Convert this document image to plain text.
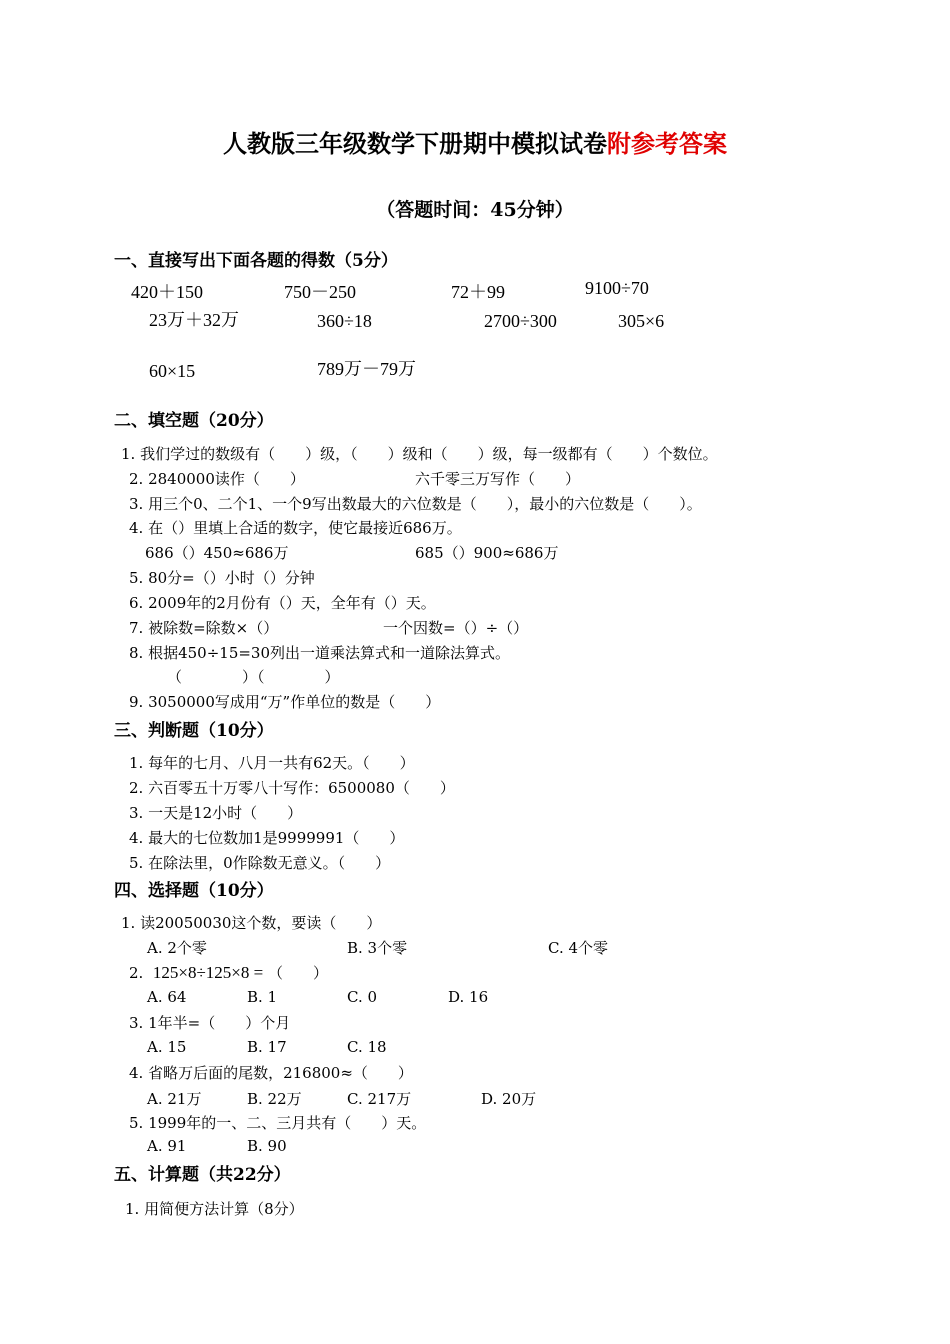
人教版三年级数学下册期中模拟试卷附参考答案
（答题时间：45分钟）
一、直接写出下面各题的得数（5分）
420＋150	750－250	72＋99	9100÷70
23万＋32万	360÷18	2700÷300	305×6
60×15	789万－79万
二、填空题（20分）
1. 我们学过的数级有（　　）级，（　　）级和（　　）级，每一级都有（　　）个数位。
2. 2840000读作（　　）	六千零三万写作（　　）
3. 用三个0、二个1、一个9写出数最大的六位数是（　　），最小的六位数是（　　）。
4. 在（）里填上合适的数字，使它最接近686万。
686（）450≈686万	685（）900≈686万
5. 80分=（）小时（）分钟
6. 2009年的2月份有（）天，全年有（）天。
7. 被除数=除数×（）	一个因数=（）÷（）
8. 根据450÷15=30列出一道乘法算式和一道除法算式。
（　　　　）（　　　　）
9. 3050000写成用“万”作单位的数是（　　）
三、判断题（10分）
1. 每年的七月、八月一共有62天。（　　）
2. 六百零五十万零八十写作：6500080（　　）
3. 一天是12小时（　　）
4. 最大的七位数加1是9999991（　　）
5. 在除法里，0作除数无意义。（　　）
四、选择题（10分）
1. 读20050030这个数，要读（　　）
A. 2个零	B. 3个零	C. 4个零
2. 125×8÷125×8 = （　　）
A. 64	B. 1	C. 0	D. 16
3. 1年半=（　　）个月
A. 15	B. 17	C. 18
4. 省略万后面的尾数，216800≈（　　）
A. 21万	B. 22万	C. 217万	D. 20万
5. 1999年的一、二、三月共有（　　）天。
A. 91	B. 90
五、计算题（共22分）
1. 用简便方法计算（8分）
